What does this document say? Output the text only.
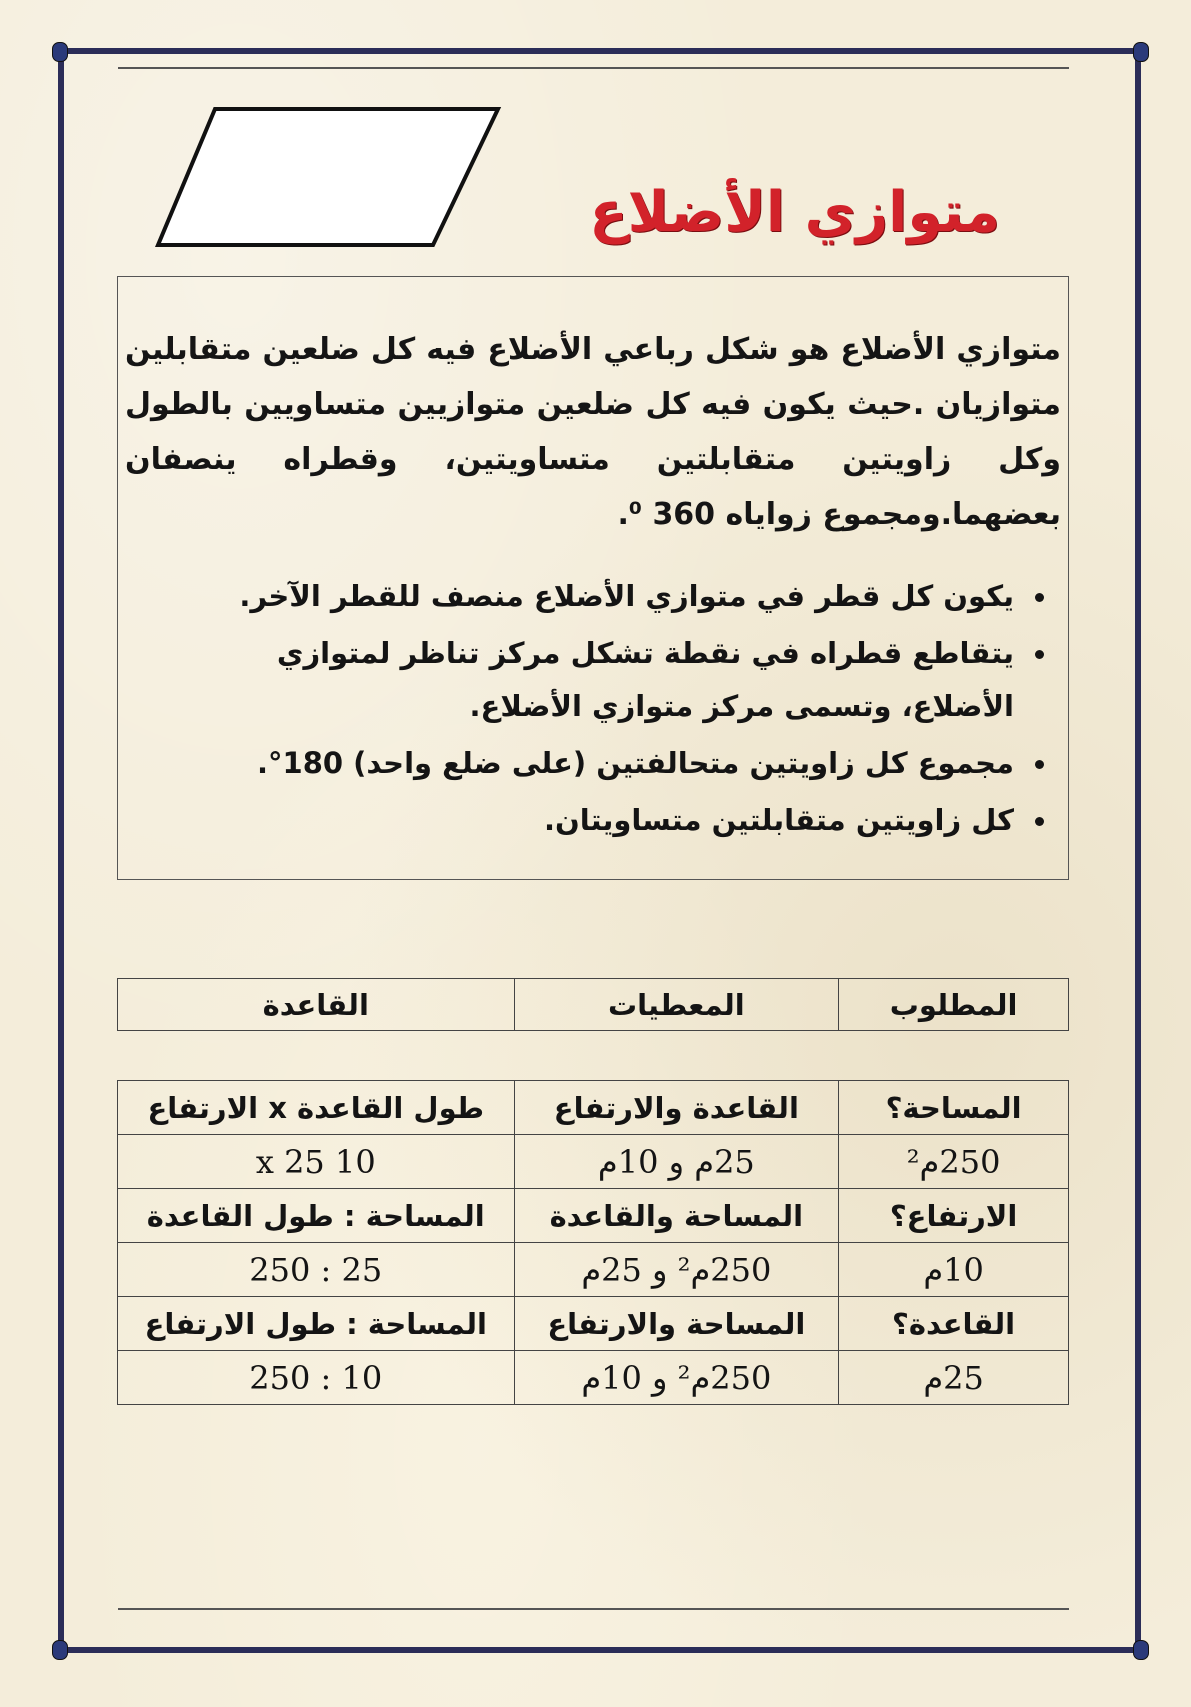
متوازي الأضلاع
متوازي الأضلاع هو شكل رباعي الأضلاع فيه كل ضلعين متقابلين متوازيان .حيث يكون فيه كل ضلعين متوازيين متساويين بالطول وكل زاويتين متقابلتين متساويتين، وقطراه ينصفان بعضهما.ومجموع زواياه 360 ⁰.
• يكون كل قطر في متوازي الأضلاع منصف للقطر الآخر.
• يتقاطع قطراه في نقطة تشكل مركز تناظر لمتوازي الأضلاع، وتسمى مركز متوازي الأضلاع.
• مجموع كل زاويتين متحالفتين (على ضلع واحد) 180°.
• كل زاويتين متقابلتين متساويتان.
المطلوب	المعطيات	القاعدة
المساحة؟	القاعدة والارتفاع	طول القاعدة x الارتفاع
250م²	25م و 10م	10 x 25
الارتفاع؟	المساحة والقاعدة	المساحة : طول القاعدة
10م	250م² و 25م	25 : 250
القاعدة؟	المساحة والارتفاع	المساحة : طول الارتفاع
25م	250م² و 10م	10 : 250
